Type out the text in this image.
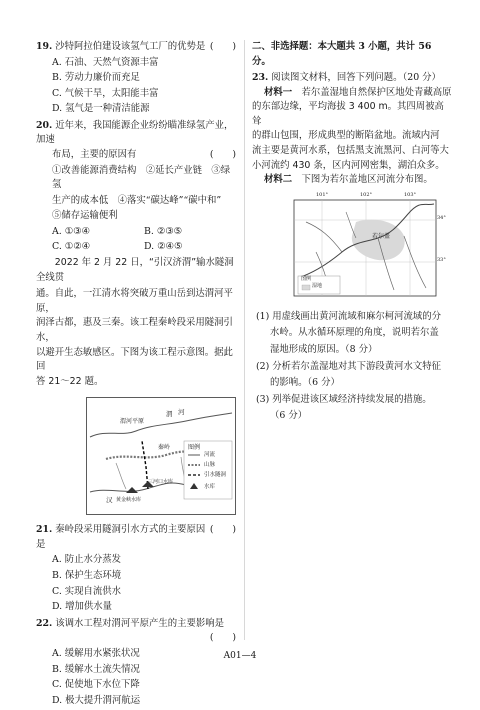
19. 沙特阿拉伯建设该氢气工厂的优势是 (　　)
A. 石油、天然气资源丰富
B. 劳动力廉价而充足
C. 气候干旱，太阳能丰富
D. 氢气是一种清洁能源
20. 近年来，我国能源企业纷纷瞄准绿氢产业，加速
布局，主要的原因有	(　　)
①改善能源消费结构　②延长产业链　③绿氢
生产的成本低　④落实“碳达峰”“碳中和”
⑤储存运输便利
A. ①③④	B. ②③⑤
C. ①②④	D. ②④⑤
2022 年 2 月 22 日，“引汉济渭”输水隧洞全线贯
通。自此，一江清水将突破万重山岳到达渭河平原，
润泽古都，惠及三秦。该工程秦岭段采用隧洞引水，
以避开生态敏感区。下图为该工程示意图。据此回
答 21～22 题。
渭河平原
渭 河
秦岭
汉 黄金峡水库
三河口水库
图例
河流
山脉
引水隧洞
水库
21. 秦岭段采用隧洞引水方式的主要原因是
(　　)
A. 防止水分蒸发
B. 保护生态环境
C. 实现自流供水
D. 增加供水量
22. 该调水工程对渭河平原产生的主要影响是
(　　)
A. 缓解用水紧张状况
B. 缓解水土流失情况
C. 促使地下水位下降
D. 极大提升渭河航运
二、非选择题：本大题共 3 小题，共计 56 分。
23. 阅读图文材料，回答下列问题。（20 分）
材料一　若尔盖湿地自然保护区地处青藏高原
的东部边缘，平均海拔 3 400 m。其四周被高耸
的群山包围，形成典型的断陷盆地。流域内河
流主要是黄河水系，包括黑支流黑河、白河等大
小河流约 430 条，区内河网密集，湖泊众多。
材料二　下图为若尔盖地区河流分布图。
101°	102°	103°
34°
33°
若尔盖
图例
湿地
(1) 用虚线画出黄河流域和麻尔柯河流域的分
水岭。从水循环原理的角度，说明若尔盖
湿地形成的原因。（8 分）
(2) 分析若尔盖湿地对其下游段黄河水文特征
的影响。（6 分）
(3) 列举促进该区域经济持续发展的措施。
（6 分）
A01—4
